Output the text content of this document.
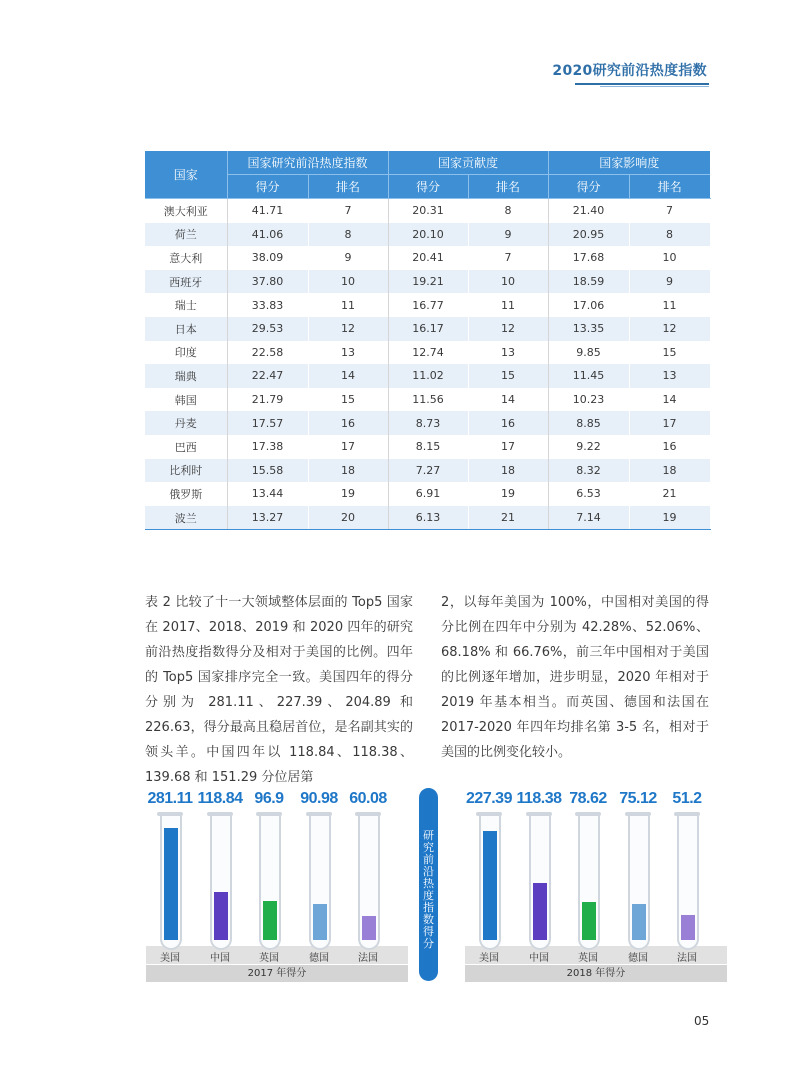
2020研究前沿热度指数
国家	国家研究前沿热度指数		国家贡献度		国家影响度	
	得分	排名	得分	排名	得分	排名
澳大利亚	41.71	7	20.31	8	21.40	7
荷兰	41.06	8	20.10	9	20.95	8
意大利	38.09	9	20.41	7	17.68	10
西班牙	37.80	10	19.21	10	18.59	9
瑞士	33.83	11	16.77	11	17.06	11
日本	29.53	12	16.17	12	13.35	12
印度	22.58	13	12.74	13	9.85	15
瑞典	22.47	14	11.02	15	11.45	13
韩国	21.79	15	11.56	14	10.23	14
丹麦	17.57	16	8.73	16	8.85	17
巴西	17.38	17	8.15	17	9.22	16
比利时	15.58	18	7.27	18	8.32	18
俄罗斯	13.44	19	6.91	19	6.53	21
波兰	13.27	20	6.13	21	7.14	19
表 2 比较了十一大领域整体层面的 Top5 国家在 2017、2018、2019 和 2020 四年的研究前沿热度指数得分及相对于美国的比例。四年的 Top5 国家排序完全一致。美国四年的得分分别为 281.11、227.39、204.89 和 226.63，得分最高且稳居首位，是名副其实的领头羊。中国四年以 118.84、118.38、139.68 和 151.29 分位居第
2，以每年美国为 100%，中国相对美国的得分比例在四年中分别为 42.28%、52.06%、68.18% 和 66.76%，前三年中国相对于美国的比例逐年增加，进步明显，2020 年相对于 2019 年基本相当。而英国、德国和法国在 2017-2020 年四年均排名第 3-5 名，相对于美国的比例变化较小。
2017 年得分
281.11
美国
118.84
中国
96.9
英国
90.98
德国
60.08
法国
研究前沿热度指数得分
2018 年得分
227.39
美国
118.38
中国
78.62
英国
75.12
德国
51.2
法国
05
